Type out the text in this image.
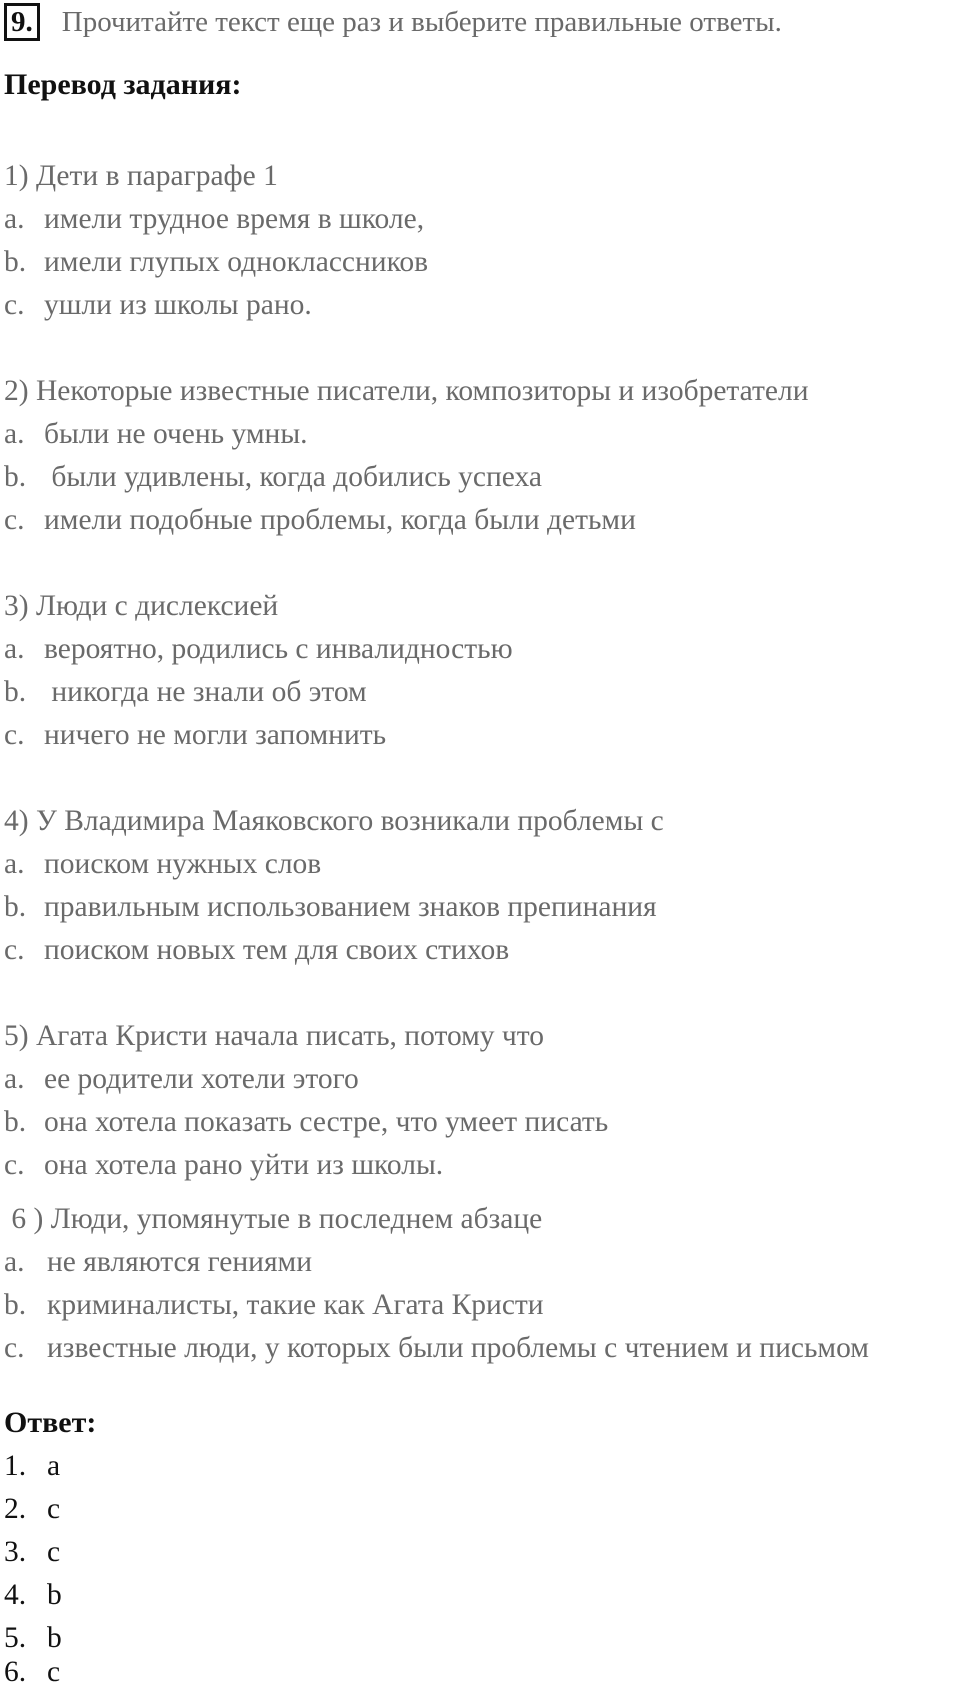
9. Прочитайте текст еще раз и выберите правильные ответы.
Перевод задания:
1) Дети в параграфе 1
a. имели трудное время в школе,
b. имели глупых одноклассников
c. ушли из школы рано.
2) Некоторые известные писатели, композиторы и изобретатели
a. были не очень умны.
b. были удивлены, когда добились успеха
c. имели подобные проблемы, когда были детьми
3) Люди с дислексией
a. вероятно, родились с инвалидностью
b. никогда не знали об этом
c. ничего не могли запомнить
4) У Владимира Маяковского возникали проблемы с
a. поиском нужных слов
b. правильным использованием знаков препинания
c. поиском новых тем для своих стихов
5) Агата Кристи начала писать, потому что
a. ее родители хотели этого
b. она хотела показать сестре, что умеет писать
c. она хотела рано уйти из школы.
6 ) Люди, упомянутые в последнем абзаце
a. не являются гениями
b. криминалисты, такие как Агата Кристи
c. известные люди, у которых были проблемы с чтением и письмом
Ответ:
1. a
2. c
3. c
4. b
5. b
6. c
